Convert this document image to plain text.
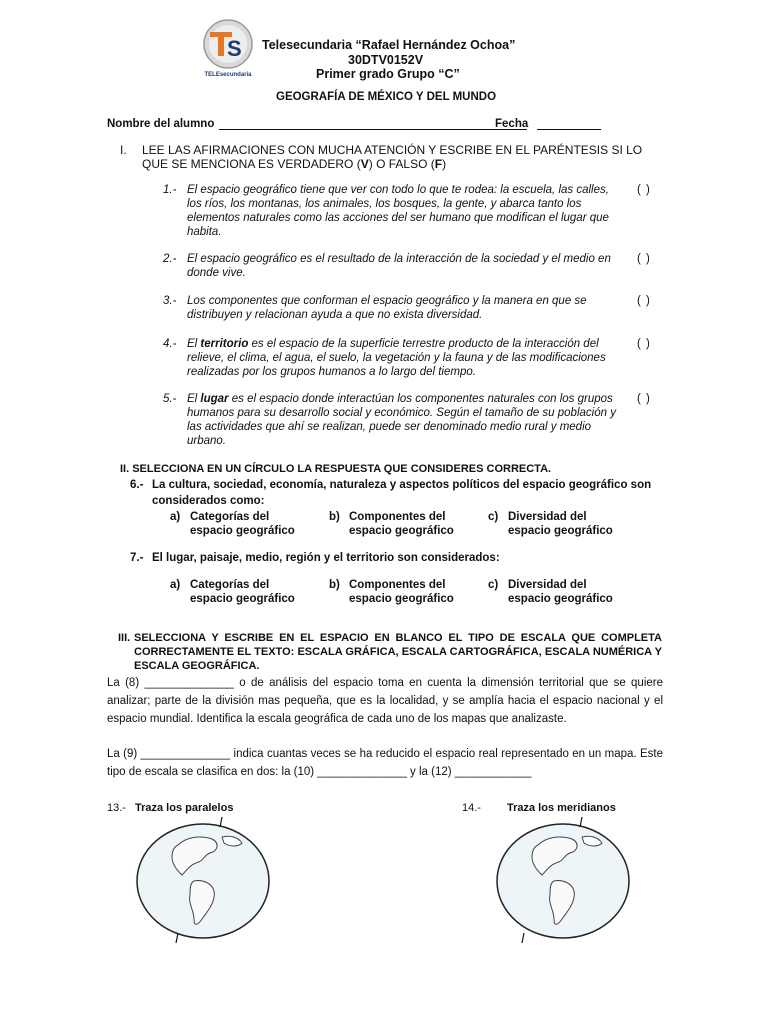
S
TELEsecundaria
Telesecundaria “Rafael Hernández Ochoa”
30DTV0152V
Primer grado Grupo “C”
GEOGRAFÍA DE MÉXICO Y DEL MUNDO
Nombre del alumno	Fecha
I. LEE LAS AFIRMACIONES CON MUCHA ATENCIÓN Y ESCRIBE EN EL PARÉNTESIS SI LO QUE SE MENCIONA ES VERDADERO (V) O FALSO (F)
1.- El espacio geográfico tiene que ver con todo lo que te rodea: la escuela, las calles, los ríos, los montanas, los animales, los bosques, la gente, y abarca tanto los elementos naturales como las acciones del ser humano que modifican el lugar que habita.
( )
2.- El espacio geográfico es el resultado de la interacción de la sociedad y el medio en donde vive.
( )
3.- Los componentes que conforman el espacio geográfico y la manera en que se distribuyen y relacionan ayuda a que no exista diversidad.
( )
4.- El territorio es el espacio de la superficie terrestre producto de la interacción del relieve, el clima, el agua, el suelo, la vegetación y la fauna y de las modificaciones realizadas por los grupos humanos a lo largo del tiempo.
( )
5.- El lugar es el espacio donde interactúan los componentes naturales con los grupos humanos para su desarrollo social y económico. Según el tamaño de su población y las actividades que ahí se realizan, puede ser denominado medio rural y medio urbano.
( )
II. SELECCIONA EN UN CÍRCULO LA RESPUESTA QUE CONSIDERES CORRECTA.
6.- La cultura, sociedad, economía, naturaleza y aspectos políticos del espacio geográfico son
considerados como:
a) Categorías del espacio geográfico
b) Componentes del espacio geográfico
c) Diversidad del espacio geográfico
7.- El lugar, paisaje, medio, región y el territorio son considerados:
a) Categorías del espacio geográfico
b) Componentes del espacio geográfico
c) Diversidad del espacio geográfico
III. SELECCIONA Y ESCRIBE EN EL ESPACIO EN BLANCO EL TIPO DE ESCALA QUE COMPLETA CORRECTAMENTE EL TEXTO: ESCALA GRÁFICA, ESCALA CARTOGRÁFICA, ESCALA NUMÉRICA Y ESCALA GEOGRÁFICA.
La (8) ______________ o de análisis del espacio toma en cuenta la dimensión territorial que se quiere analizar; parte de la división mas pequeña, que es la localidad, y se amplía hacia el espacio nacional y el espacio mundial. Identifica la escala geográfica de cada uno de los mapas que analizaste.
La (9) ______________ indica cuantas veces se ha reducido el espacio real representado en un mapa. Este tipo de escala se clasifica en dos: la (10) ______________ y la (12) ____________
13.- Traza los paralelos	14.- Traza los meridianos
